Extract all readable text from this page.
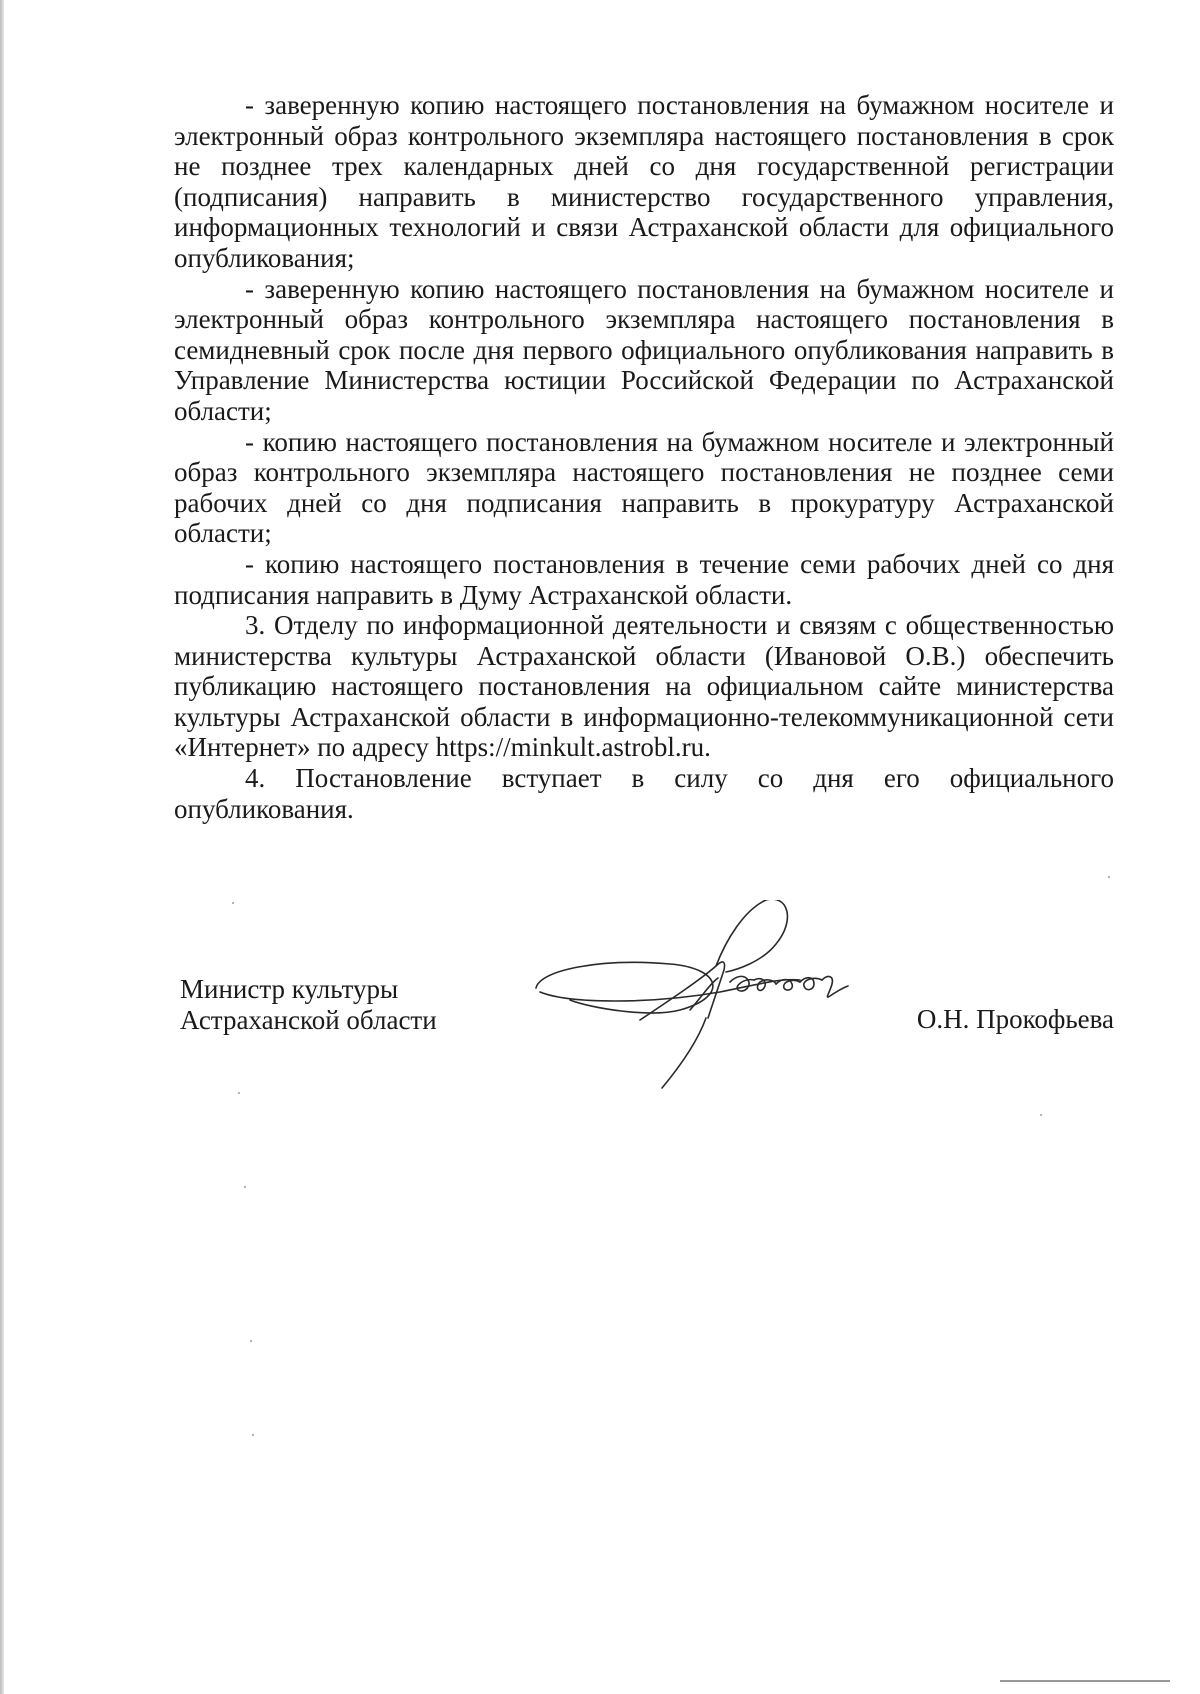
- заверенную копию настоящего постановления на бумажном носителе и электронный образ контрольного экземпляра настоящего постановления в срок не позднее трех календарных дней со дня государственной регистрации (подписания) направить в министерство государственного управления, информационных технологий и связи Астраханской области для официального опубликования;

- заверенную копию настоящего постановления на бумажном носителе и электронный образ контрольного экземпляра настоящего постановления в семидневный срок после дня первого официального опубликования направить в Управление Министерства юстиции Российской Федерации по Астраханской области;

- копию настоящего постановления на бумажном носителе и электронный образ контрольного экземпляра настоящего постановления не позднее семи рабочих дней со дня подписания направить в прокуратуру Астраханской области;

- копию настоящего постановления в течение семи рабочих дней со дня подписания направить в Думу Астраханской области.

3. Отделу по информационной деятельности и связям с общественностью министерства культуры Астраханской области (Ивановой О.В.) обеспечить публикацию настоящего постановления на официальном сайте министерства культуры Астраханской области в информационно-телекоммуникационной сети «Интернет» по адресу https://minkult.astrobl.ru.

4. Постановление вступает в силу со дня его официального опубликования.

Министр культуры
Астраханской области	О.Н. Прокофьева
